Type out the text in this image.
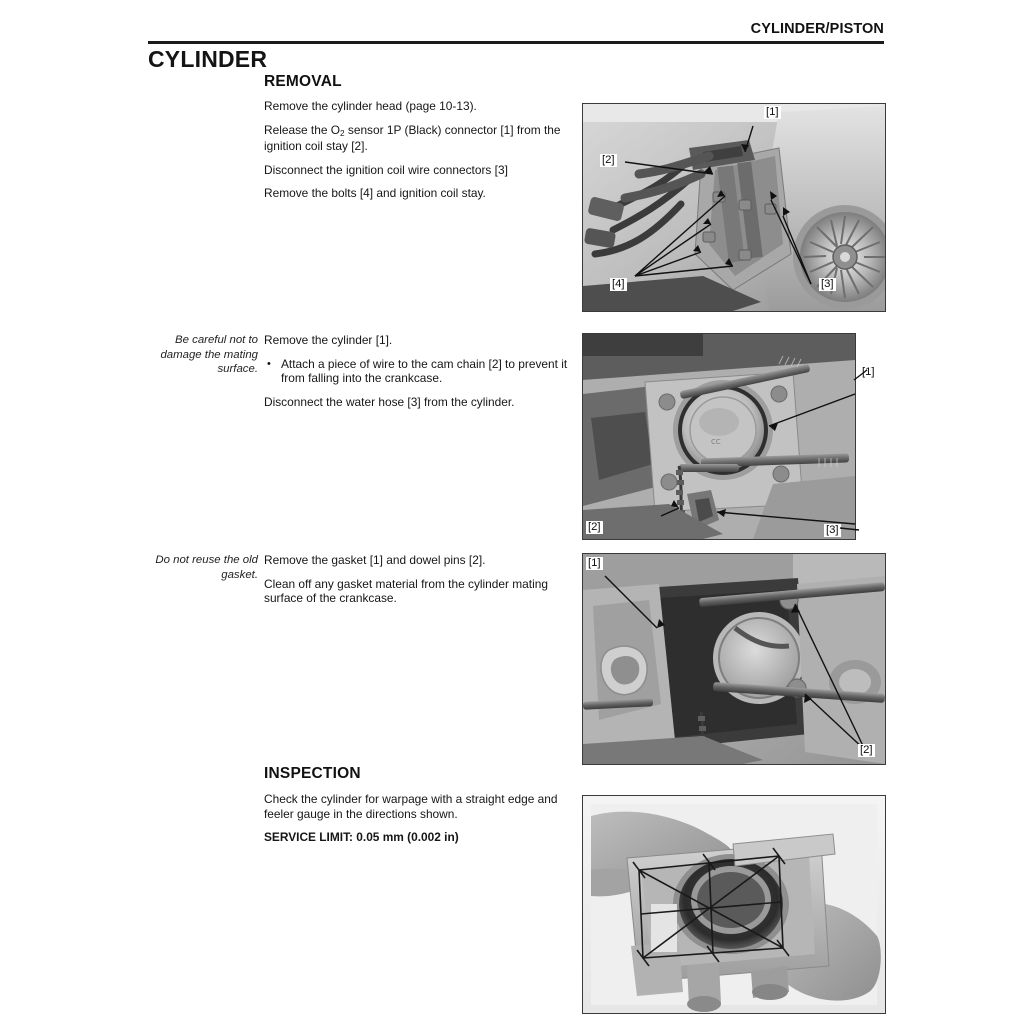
CYLINDER/PISTON
CYLINDER
REMOVAL

Remove the cylinder head (page 10-13).

Release the $O_2$ sensor 1P (Black) connector [1] from the ignition coil stay [2].

Disconnect the ignition coil wire connectors [3]

Remove the bolts [4] and ignition coil stay.

[1]
[2]
[3]
[4]
Be careful not to damage the mating surface.

Remove the cylinder [1].

• Attach a piece of wire to the cam chain [2] to prevent it from falling into the crankcase.

Disconnect the water hose [3] from the cylinder.

CC
[1]
[2]	[3]
Do not reuse the old gasket.

Remove the gasket [1] and dowel pins [2].

Clean off any gasket material from the cylinder mating surface of the crankcase.

[1]
[2]
INSPECTION

Check the cylinder for warpage with a straight edge and feeler gauge in the directions shown.

SERVICE LIMIT: 0.05 mm (0.002 in)
